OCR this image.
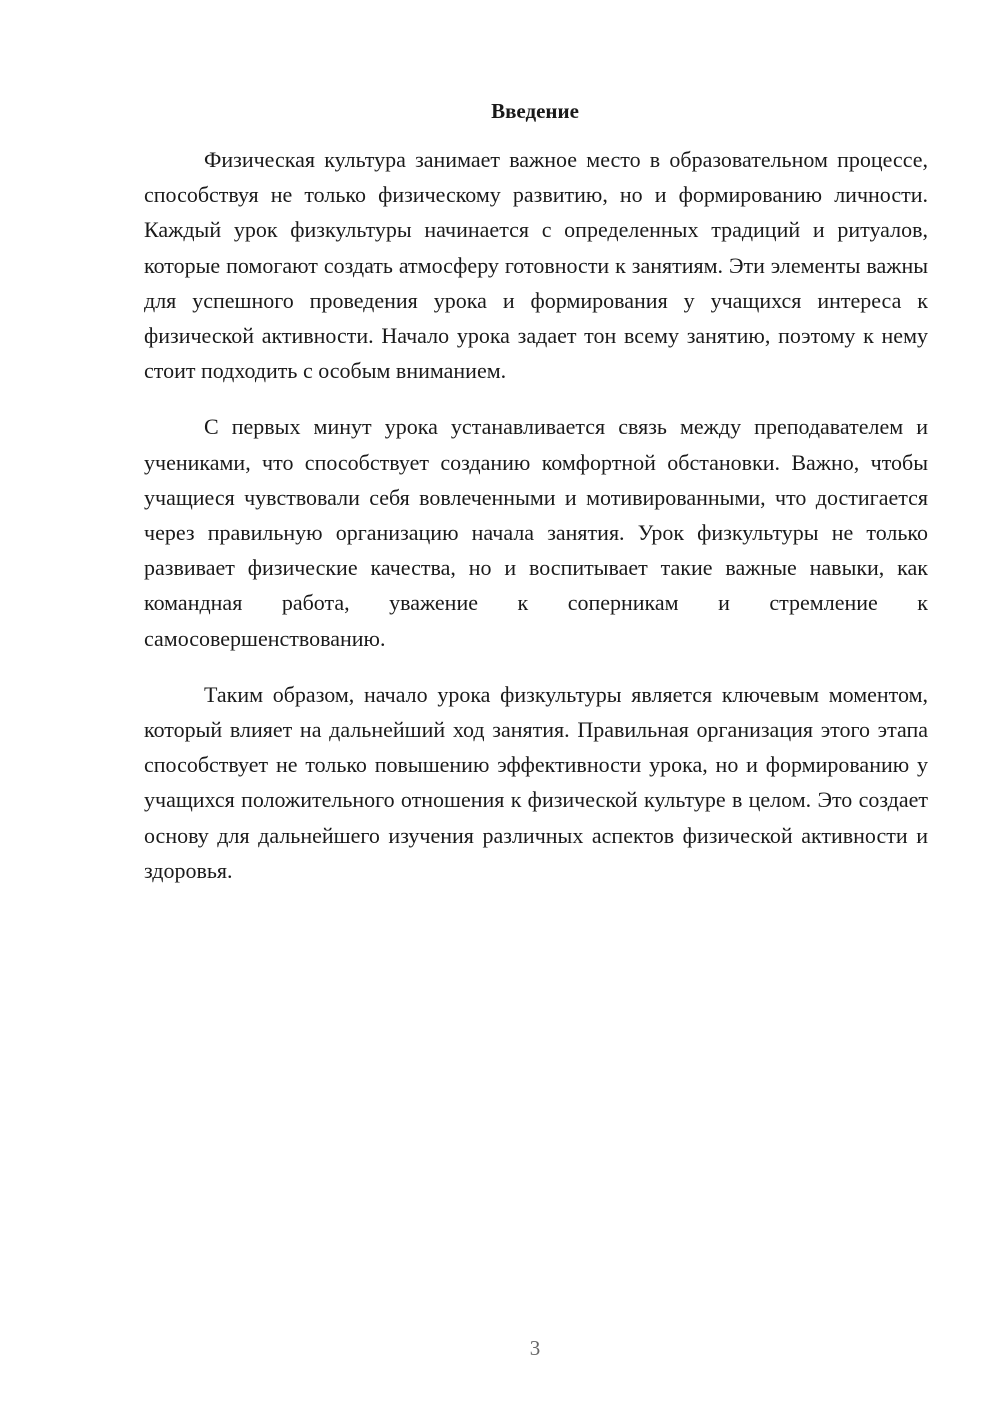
Введение

Физическая культура занимает важное место в образовательном процессе, способствуя не только физическому развитию, но и формированию личности. Каждый урок физкультуры начинается с определенных традиций и ритуалов, которые помогают создать атмосферу готовности к занятиям. Эти элементы важны для успешного проведения урока и формирования у учащихся интереса к физической активности. Начало урока задает тон всему занятию, поэтому к нему стоит подходить с особым вниманием.

С первых минут урока устанавливается связь между преподавателем и учениками, что способствует созданию комфортной обстановки. Важно, чтобы учащиеся чувствовали себя вовлеченными и мотивированными, что достигается через правильную организацию начала занятия. Урок физкультуры не только развивает физические качества, но и воспитывает такие важные навыки, как командная работа, уважение к соперникам и стремление к самосовершенствованию.

Таким образом, начало урока физкультуры является ключевым моментом, который влияет на дальнейший ход занятия. Правильная организация этого этапа способствует не только повышению эффективности урока, но и формированию у учащихся положительного отношения к физической культуре в целом. Это создает основу для дальнейшего изучения различных аспектов физической активности и здоровья.

3
